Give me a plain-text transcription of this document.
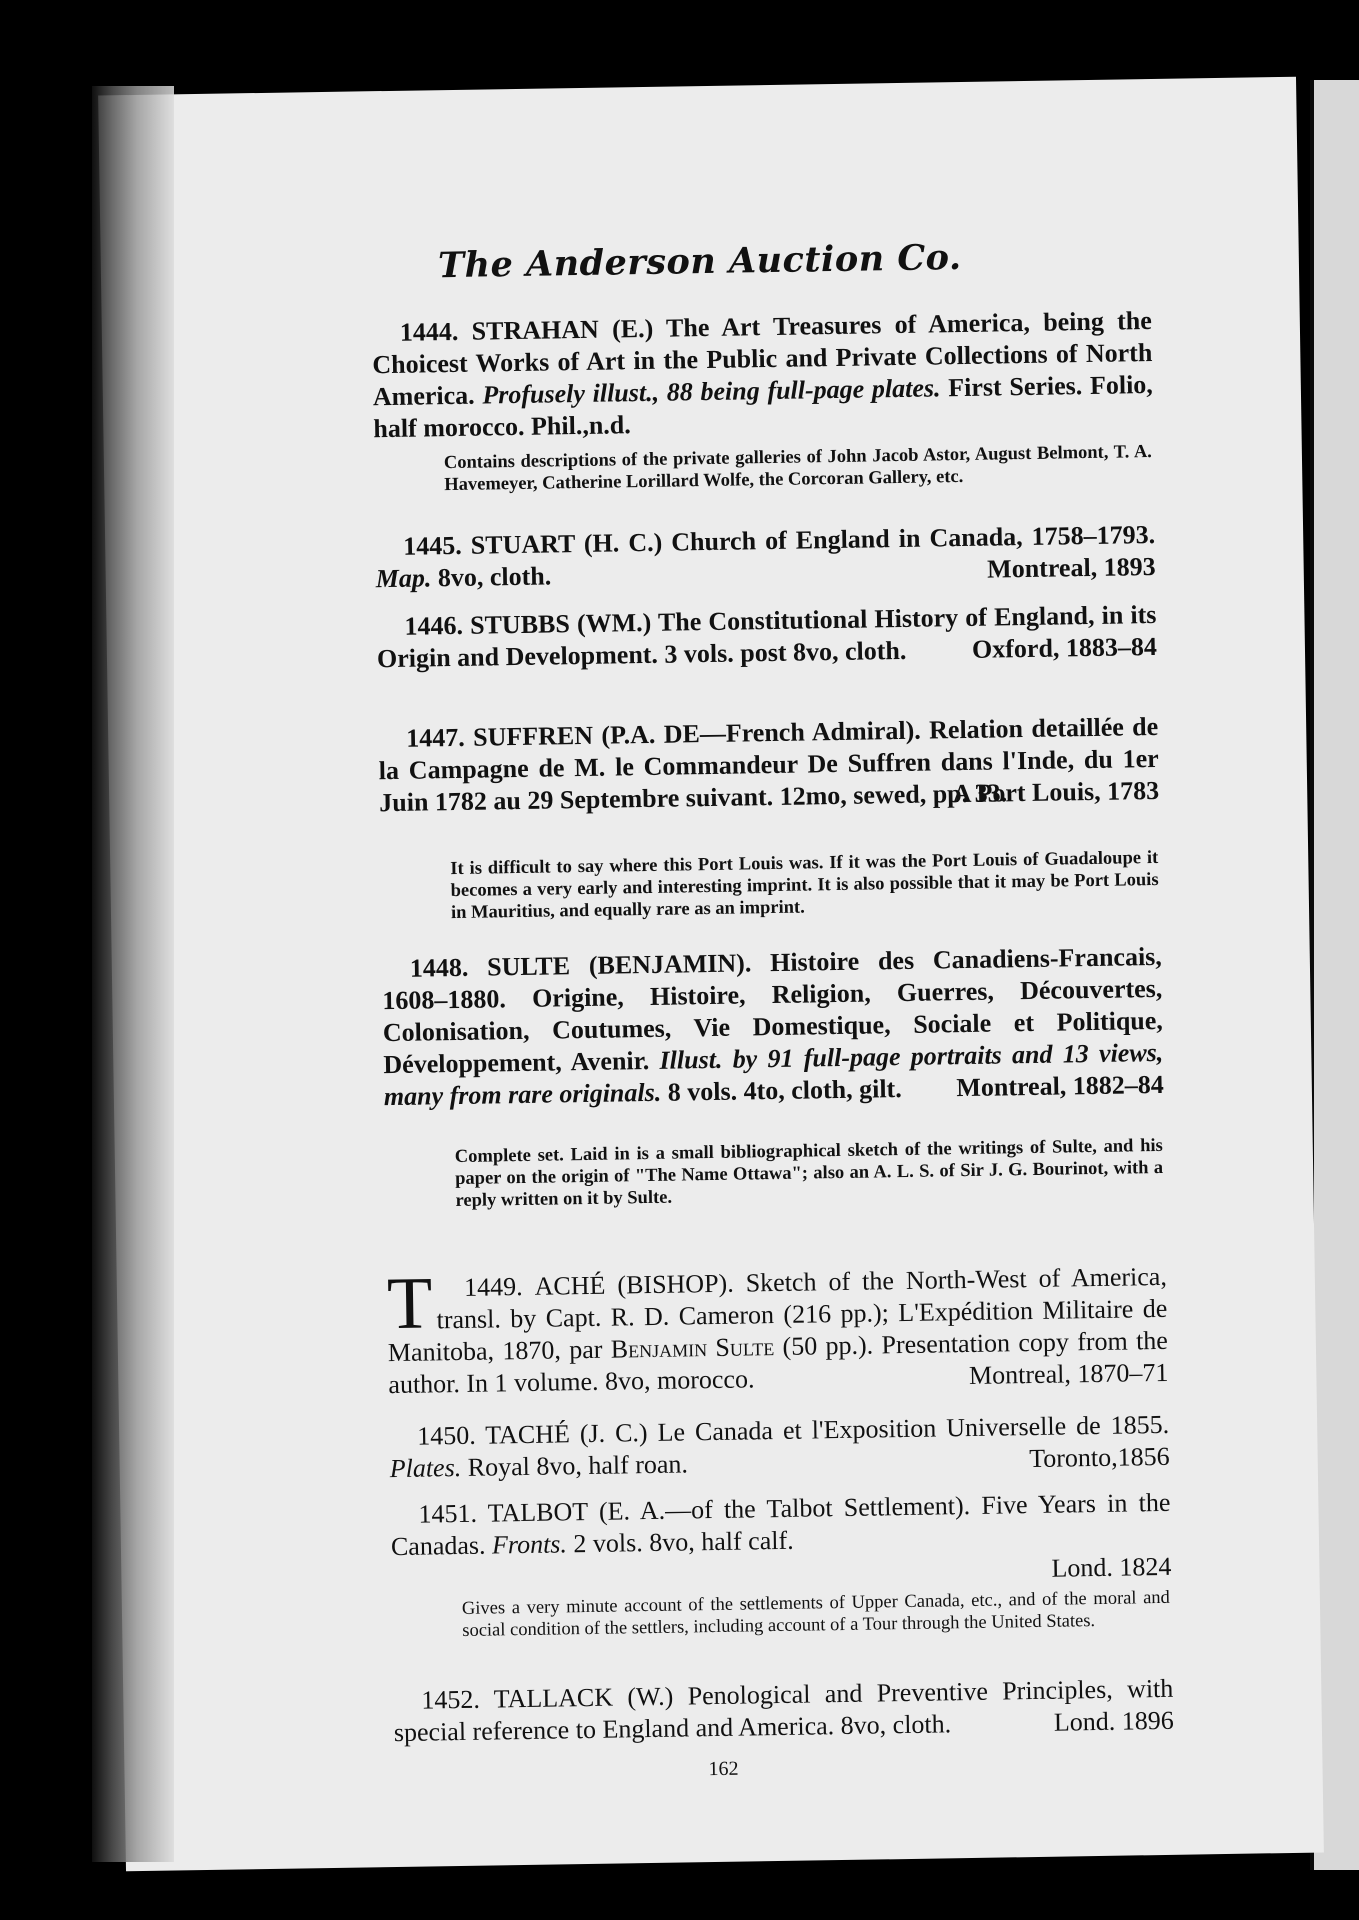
The Anderson Auction Co.
1444. STRAHAN (E.) The Art Treasures of America, being the Choicest Works of Art in the Public and Private Collections of North America. Profusely illust., 88 being full-page plates. First Series. Folio, half morocco. Phil.,n.d.
Contains descriptions of the private galleries of John Jacob Astor, August Belmont, T. A. Havemeyer, Catherine Lorillard Wolfe, the Corcoran Gallery, etc.
1445. STUART (H. C.) Church of England in Canada, 1758–1793. Map. 8vo, cloth.	Montreal, 1893
1446. STUBBS (WM.) The Constitutional History of England, in its Origin and Development. 3 vols. post 8vo, cloth.	Oxford, 1883–84
1447. SUFFREN (P.A. DE—French Admiral). Relation detaillée de la Campagne de M. le Commandeur De Suffren dans l'Inde, du 1er Juin 1782 au 29 Septembre suivant. 12mo, sewed, pp. 33.
A Port Louis, 1783
It is difficult to say where this Port Louis was. If it was the Port Louis of Guadaloupe it becomes a very early and interesting imprint. It is also possible that it may be Port Louis in Mauritius, and equally rare as an imprint.
1448. SULTE (BENJAMIN). Histoire des Canadiens-Francais, 1608–1880. Origine, Histoire, Religion, Guerres, Découvertes, Colonisation, Coutumes, Vie Domestique, Sociale et Politique, Développement, Avenir. Illust. by 91 full-page portraits and 13 views, many from rare originals. 8 vols. 4to, cloth, gilt.	Montreal, 1882–84
Complete set. Laid in is a small bibliographical sketch of the writings of Sulte, and his paper on the origin of "The Name Ottawa"; also an A. L. S. of Sir J. G. Bourinot, with a reply written on it by Sulte.
1449.
T	ACHÉ (BISHOP). Sketch of the North-West of America, transl. by Capt. R. D. Cameron (216 pp.); L'Expédition Militaire de Manitoba, 1870, par Benjamin Sulte (50 pp.). Presentation copy from the author. In 1 volume. 8vo, morocco.	Montreal, 1870–71
1450. TACHÉ (J. C.) Le Canada et l'Exposition Universelle de 1855. Plates. Royal 8vo, half roan.	Toronto,1856
1451. TALBOT (E. A.—of the Talbot Settlement). Five Years in the Canadas. Fronts. 2 vols. 8vo, half calf.
Lond. 1824
Gives a very minute account of the settlements of Upper Canada, etc., and of the moral and social condition of the settlers, including account of a Tour through the United States.
1452. TALLACK (W.) Penological and Preventive Principles, with special reference to England and America. 8vo, cloth.	Lond. 1896
162
